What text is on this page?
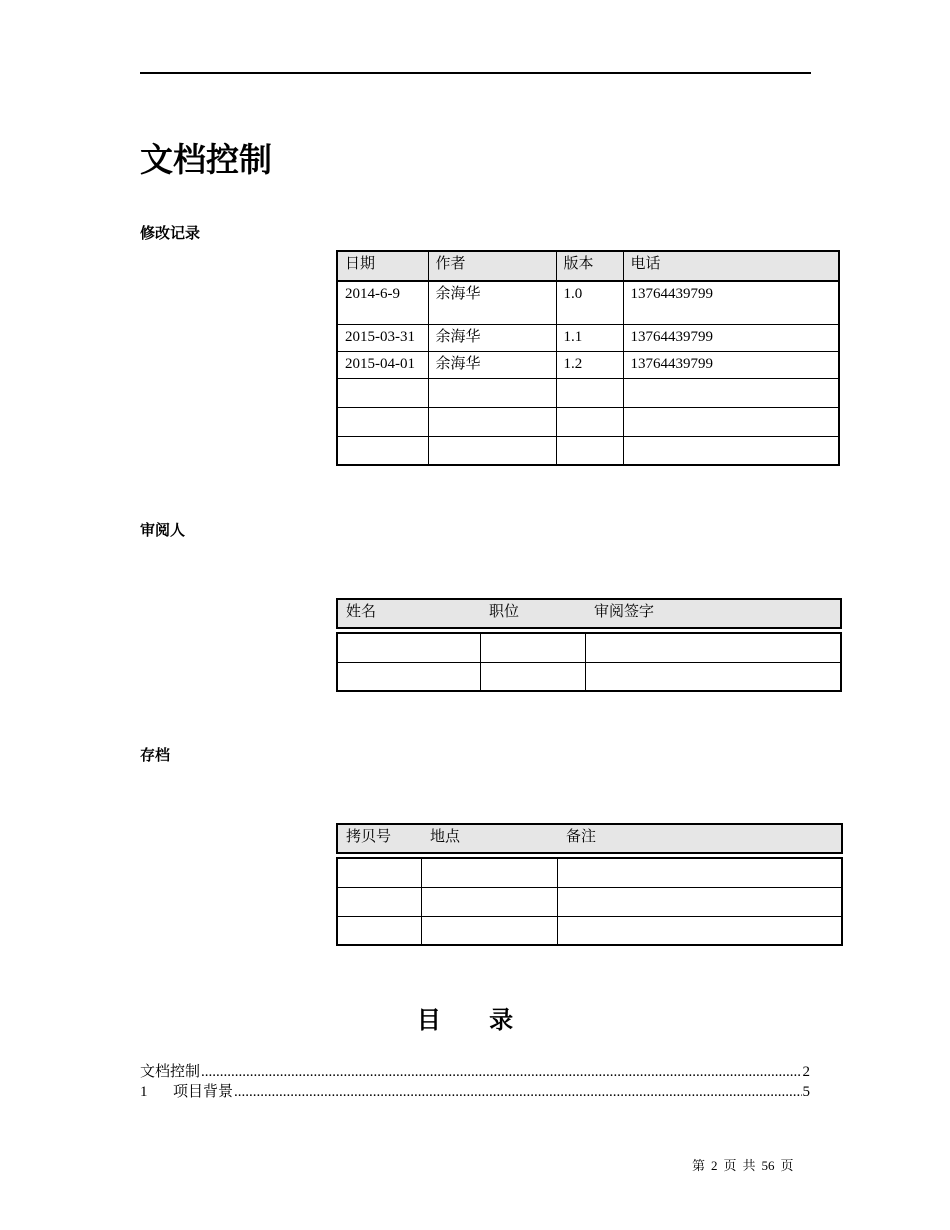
文档控制
修改记录
日期	作者	版本	电话
2014-6-9	余海华	1.0	13764439799
2015-03-31	余海华	1.1	13764439799
2015-04-01	余海华	1.2	13764439799

审阅人
姓名	职位	审阅签字

存档
拷贝号	地点	备注

目 录
文档控制 .....	2
1	项目背景 .....	5
第 2 页 共 56 页
